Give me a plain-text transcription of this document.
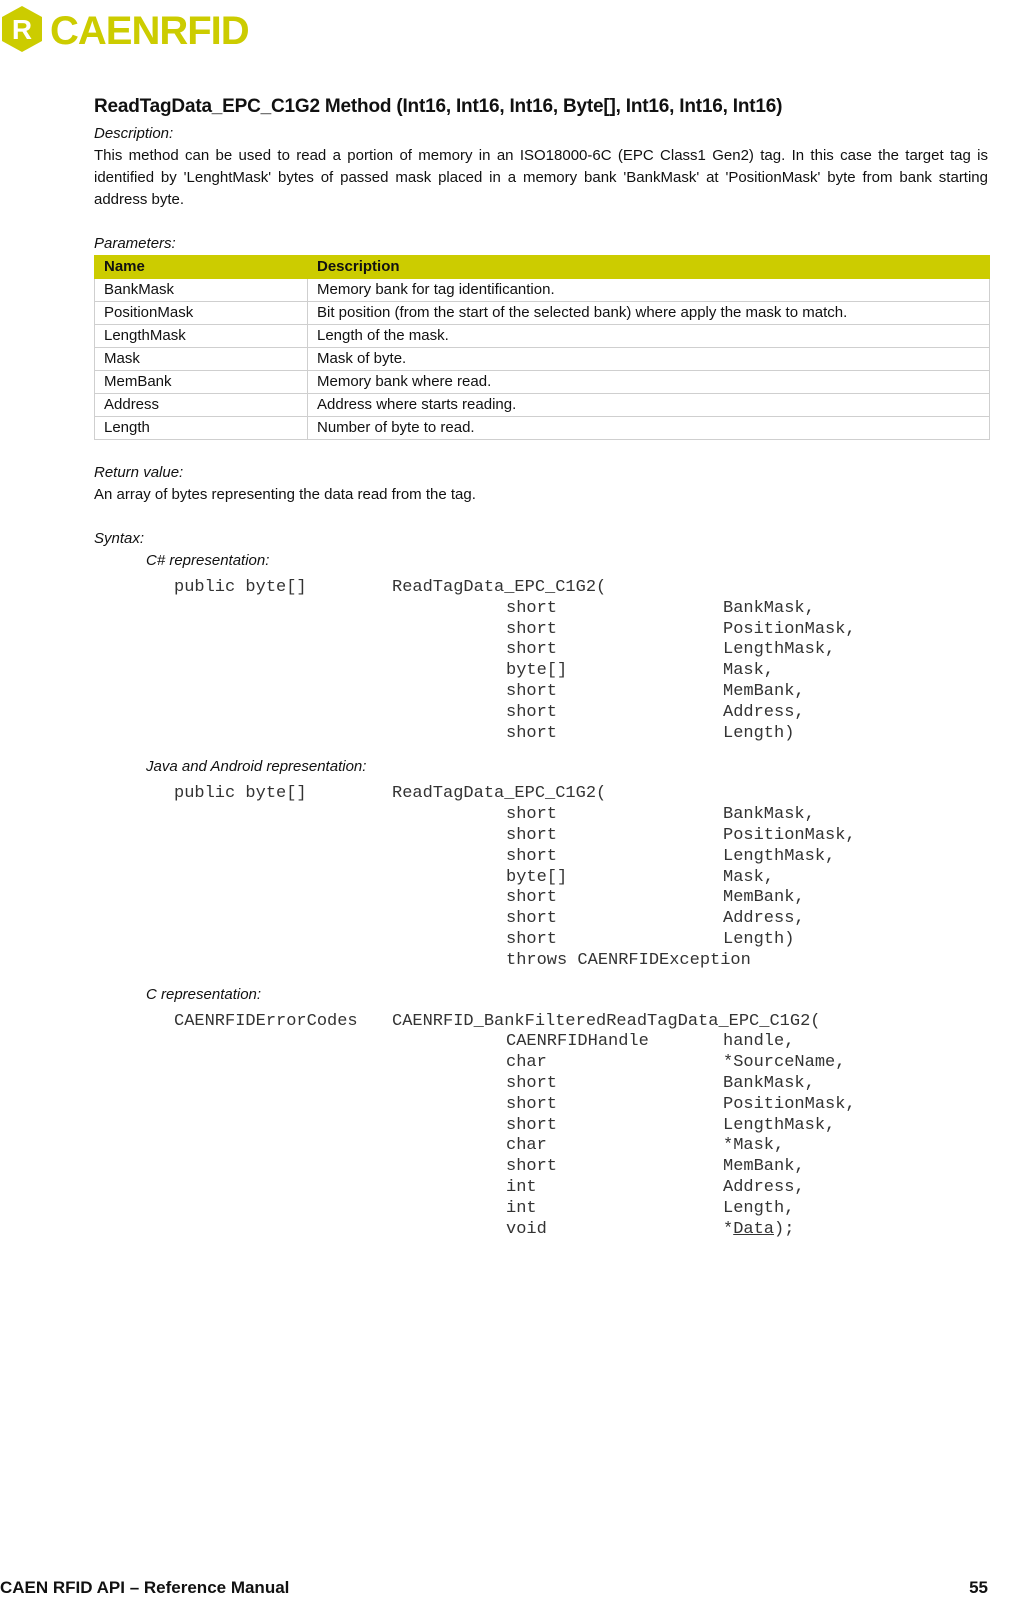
R CAENRFID
ReadTagData_EPC_C1G2 Method (Int16, Int16, Int16, Byte[], Int16, Int16, Int16)

Description:

This method can be used to read a portion of memory in an ISO18000-6C (EPC Class1 Gen2) tag. In this case the target tag is identified by 'LenghtMask' bytes of passed mask placed in a memory bank 'BankMask' at 'PositionMask' byte from bank starting address byte.

Parameters:

Name	Description
BankMask	Memory bank for tag identificantion.
PositionMask	Bit position (from the start of the selected bank) where apply the mask to match.
LengthMask	Length of the mask.
Mask	Mask of byte.
MemBank	Memory bank where read.
Address	Address where starts reading.
Length	Number of byte to read.

Return value:

An array of bytes representing the data read from the tag.

Syntax:

C# representation:

public byte[]	ReadTagData_EPC_C1G2(
short	BankMask,
short	PositionMask,
short	LengthMask,
byte[]	Mask,
short	MemBank,
short	Address,
short	Length)

Java and Android representation:

public byte[]	ReadTagData_EPC_C1G2(
short	BankMask,
short	PositionMask,
short	LengthMask,
byte[]	Mask,
short	MemBank,
short	Address,
short	Length)
throws CAENRFIDException

C representation:

CAENRFIDErrorCodes	CAENRFID_BankFilteredReadTagData_EPC_C1G2(
CAENRFIDHandle	handle,
char	*SourceName,
short	BankMask,
short	PositionMask,
short	LengthMask,
char	*Mask,
short	MemBank,
int	Address,
int	Length,
void	*Data);
CAEN RFID API – Reference Manual	55
